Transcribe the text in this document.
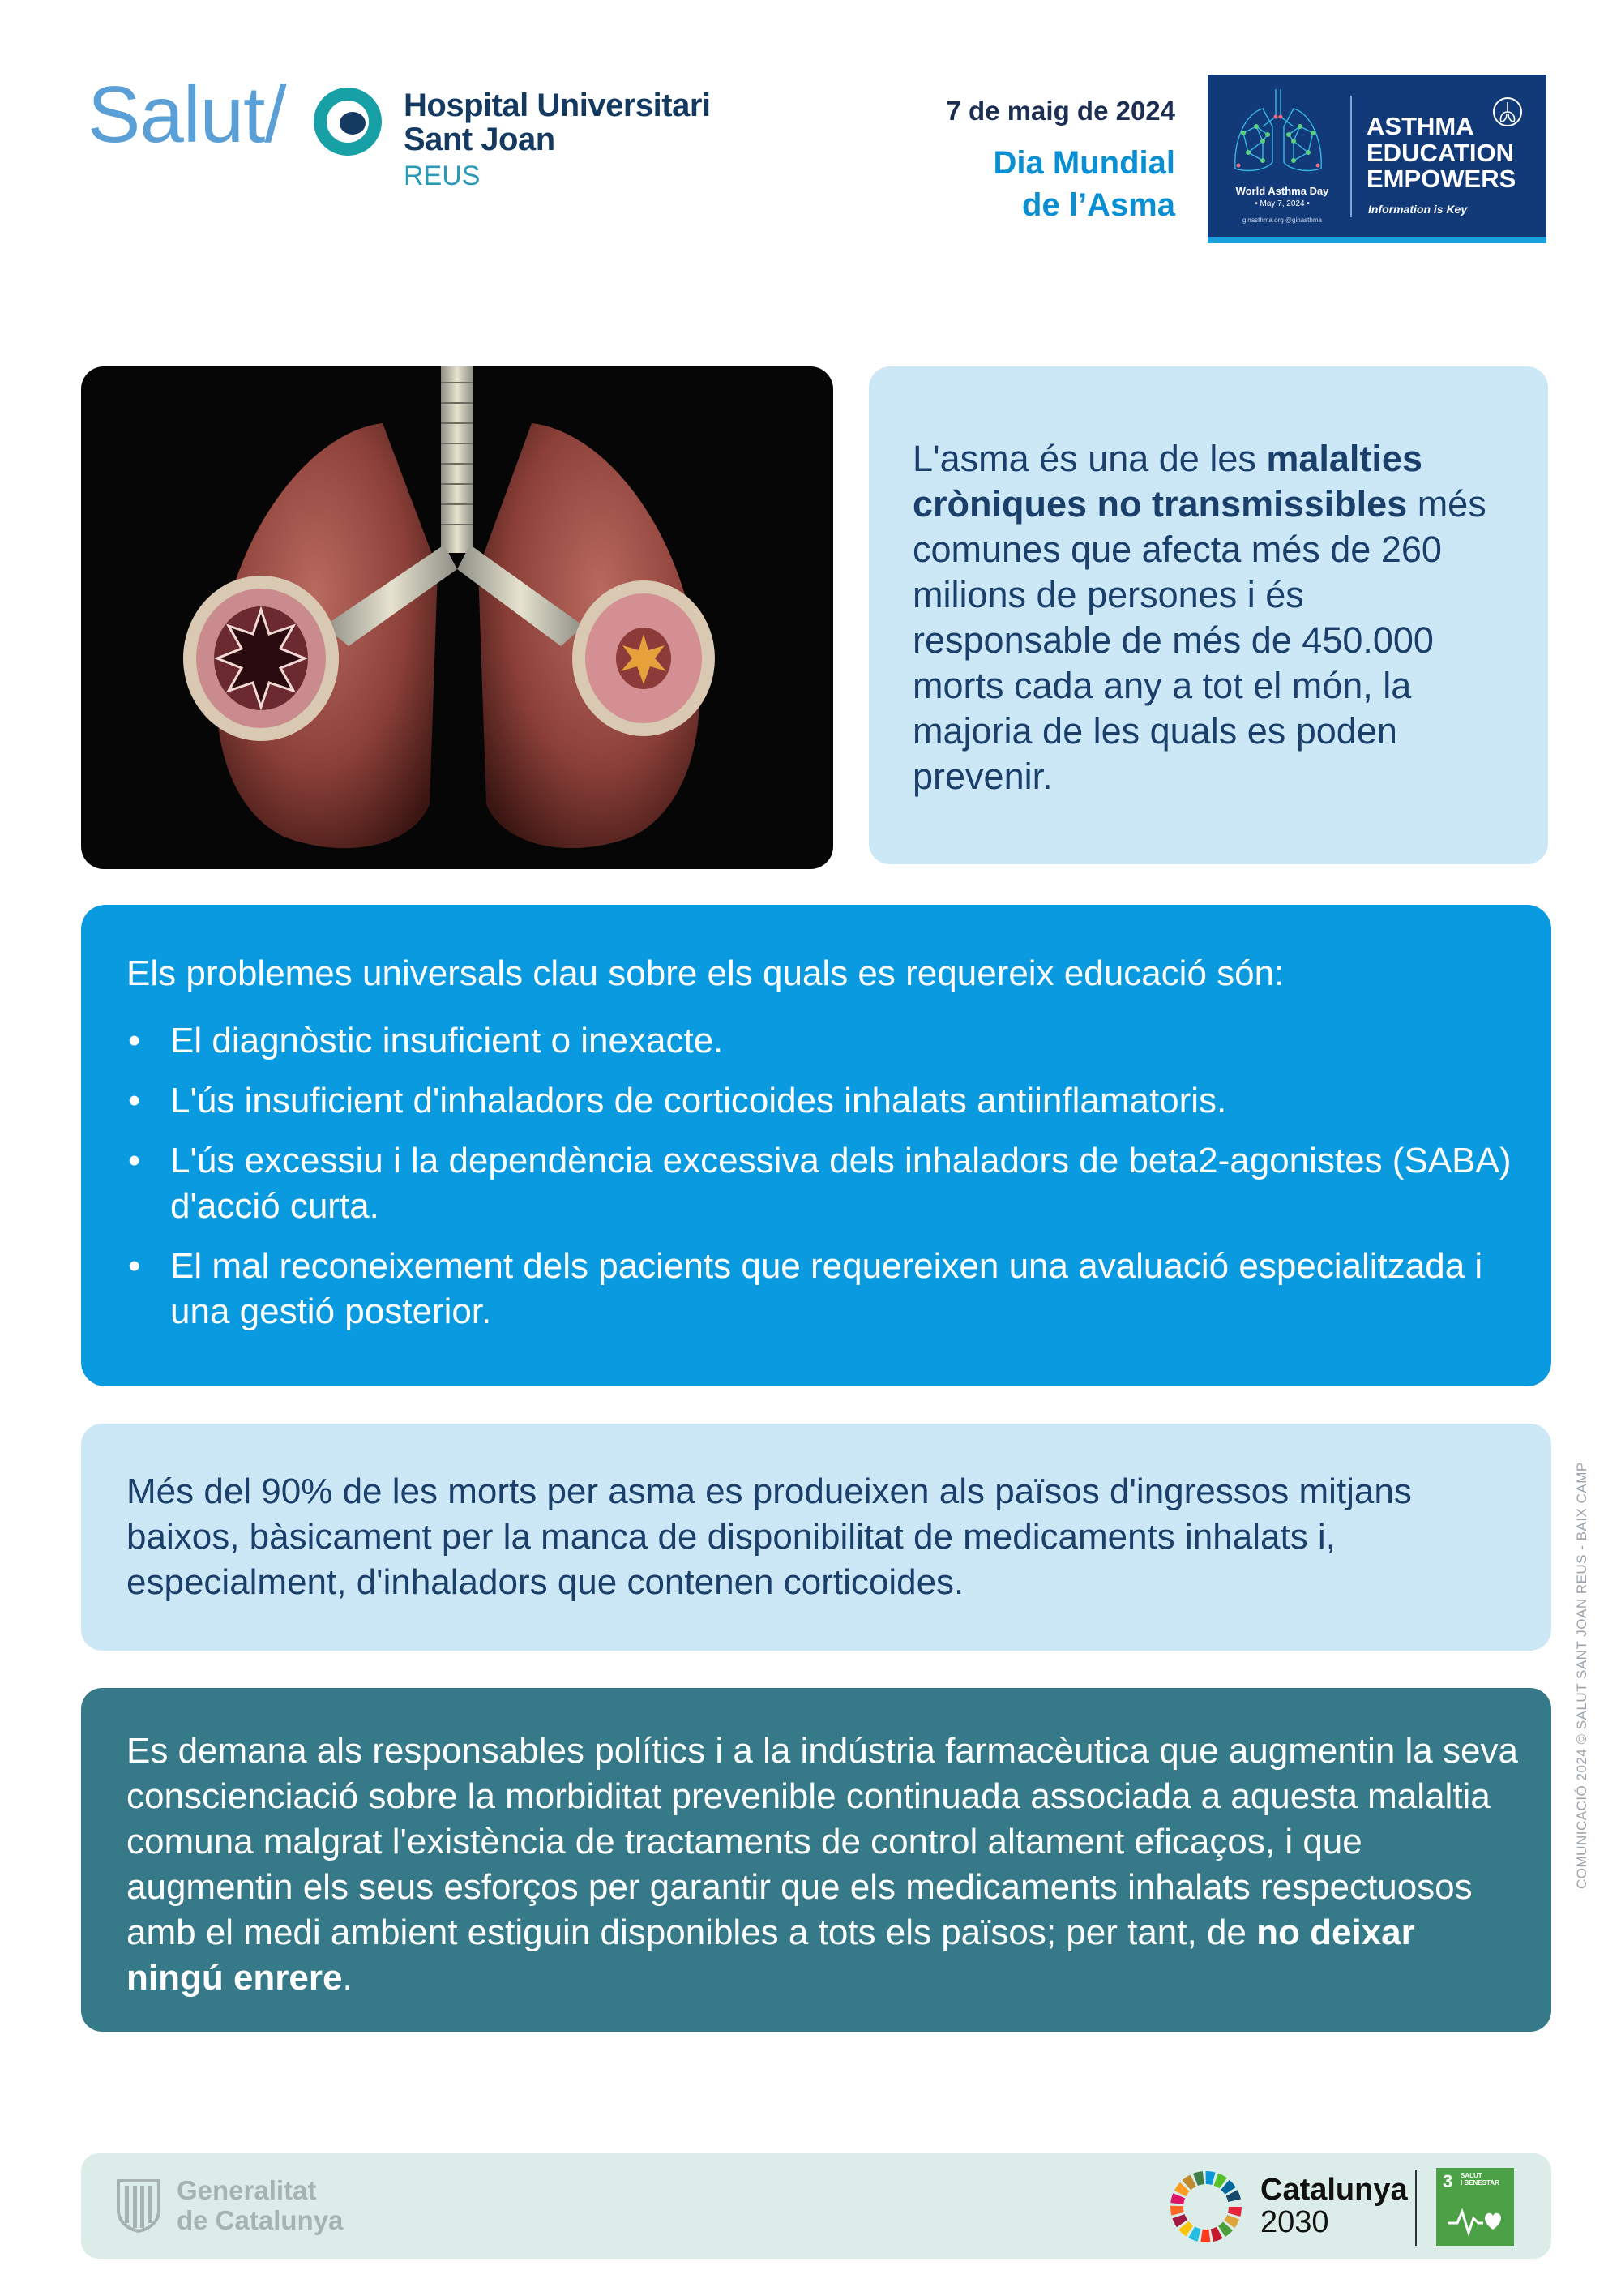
Salut/	Hospital Universitari
Sant Joan
REUS
7 de maig de 2024
Dia Mundial
de l’Asma	World Asthma Day
• May 7, 2024 •
ginasthma.org @ginasthma
ASTHMA
EDUCATION
EMPOWERS
Information is Key
L'asma és una de les malalties cròniques no transmissibles més comunes que afecta més de 260 milions de persones i és responsable de més de 450.000 morts cada any a tot el món, la majoria de les quals es poden prevenir.
Els problemes universals clau sobre els quals es requereix educació són:
• El diagnòstic insuficient o inexacte.
• L'ús insuficient d'inhaladors de corticoides inhalats antiinflamatoris.
• L'ús excessiu i la dependència excessiva dels inhaladors de beta2-agonistes (SABA) d'acció curta.
• El mal reconeixement dels pacients que requereixen una avaluació especialitzada i una gestió posterior.
Més del 90% de les morts per asma es produeixen als països d'ingressos mitjans baixos, bàsicament per la manca de disponibilitat de medicaments inhalats i, especialment, d'inhaladors que contenen corticoides.
Es demana als responsables polítics i a la indústria farmacèutica que augmentin la seva conscienciació sobre la morbiditat prevenible continuada associada a aquesta malaltia comuna malgrat l'existència de tractaments de control altament eficaços, i que augmentin els seus esforços per garantir que els medicaments inhalats respectuosos amb el medi ambient estiguin disponibles a tots els països; per tant, de no deixar ningú enrere.
COMUNICACIÓ 2024 © SALUT SANT JOAN REUS - BAIX CAMP
Generalitat
de Catalunya
Catalunya
2030
3 SALUT
I BENESTAR
